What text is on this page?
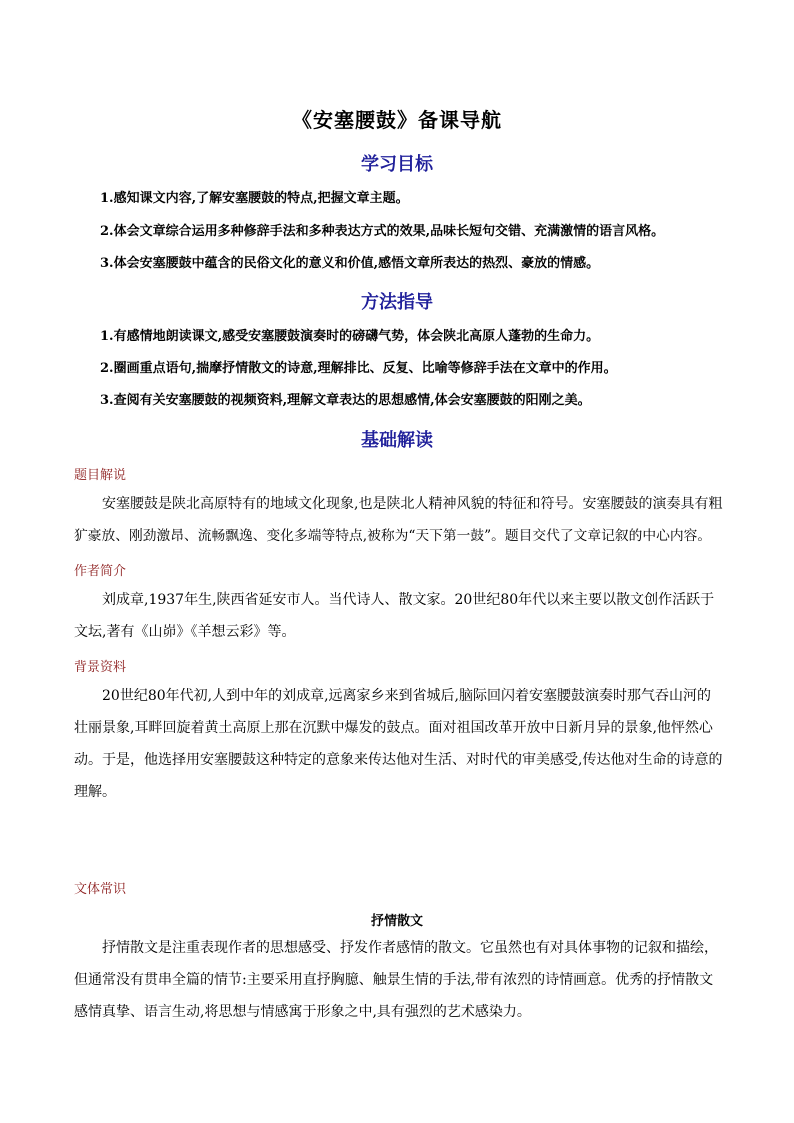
《安塞腰鼓》备课导航
学习目标
1.感知课文内容,了解安塞腰鼓的特点,把握文章主题。
2.体会文章综合运用多种修辞手法和多种表达方式的效果,品味长短句交错、充满激情的语言风格。
3.体会安塞腰鼓中蕴含的民俗文化的意义和价值,感悟文章所表达的热烈、豪放的情感。
方法指导
1.有感情地朗读课文,感受安塞腰鼓演奏时的磅礴气势，体会陕北高原人蓬勃的生命力。
2.圈画重点语句,揣摩抒情散文的诗意,理解排比、反复、比喻等修辞手法在文章中的作用。
3.查阅有关安塞腰鼓的视频资料,理解文章表达的思想感情,体会安塞腰鼓的阳刚之美。
基础解读
题目解说
安塞腰鼓是陕北高原特有的地域文化现象,也是陕北人精神风貌的特征和符号。安塞腰鼓的演奏具有粗
犷豪放、刚劲激昂、流畅飘逸、变化多端等特点,被称为“天下第一鼓”。题目交代了文章记叙的中心内容。
作者简介
刘成章,1937年生,陕西省延安市人。当代诗人、散文家。20世纪80年代以来主要以散文创作活跃于
文坛,著有《山峁》《羊想云彩》等。
背景资料
20世纪80年代初,人到中年的刘成章,远离家乡来到省城后,脑际回闪着安塞腰鼓演奏时那气吞山河的
壮丽景象,耳畔回旋着黄土高原上那在沉默中爆发的鼓点。面对祖国改革开放中日新月异的景象,他怦然心
动。于是，他选择用安塞腰鼓这种特定的意象来传达他对生活、对时代的审美感受,传达他对生命的诗意的
理解。
文体常识
抒情散文
抒情散文是注重表现作者的思想感受、抒发作者感情的散文。它虽然也有对具体事物的记叙和描绘，
但通常没有贯串全篇的情节:主要采用直抒胸臆、触景生情的手法,带有浓烈的诗情画意。优秀的抒情散文
感情真挚、语言生动,将思想与情感寓于形象之中,具有强烈的艺术感染力。
